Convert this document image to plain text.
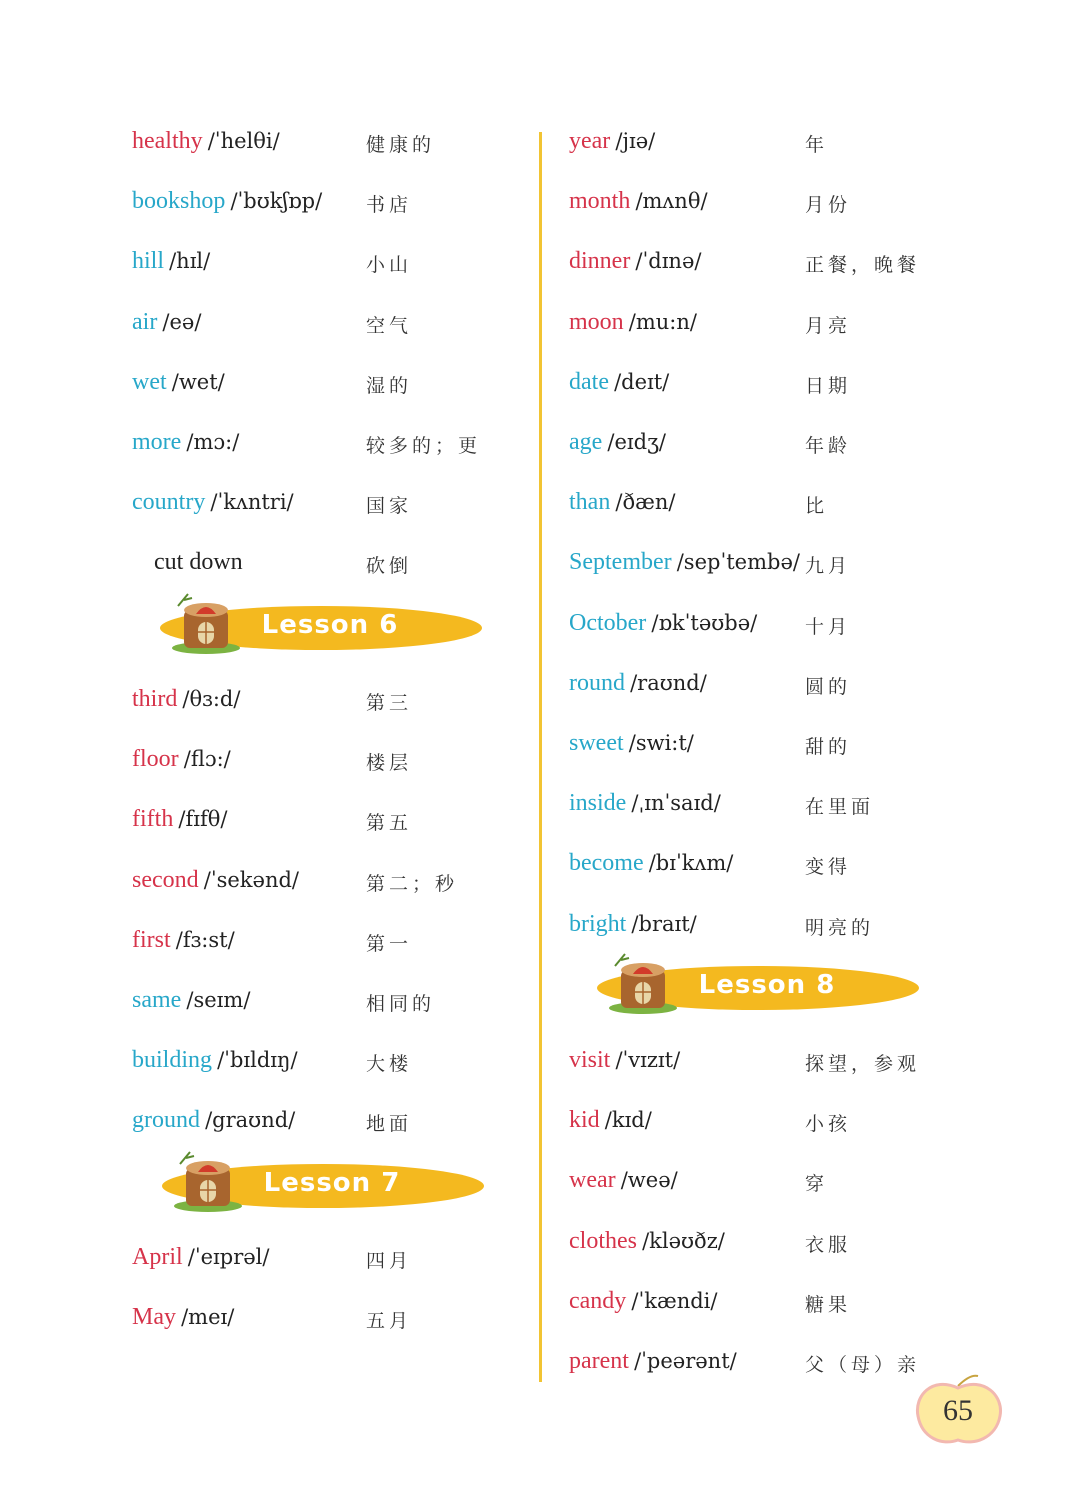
healthy /ˈhelθi/	健康的
bookshop /ˈbʊkʃɒp/ 书店
hill /hɪl/	小山
air /eə/	空气
wet /wet/	湿的
more /mɔ:/	较多的；更
country /ˈkʌntri/	国家
cut down	砍倒
Lesson 6
third /θɜ:d/	第三
floor /flɔ:/	楼层
fifth /fɪfθ/	第五
second /ˈsekənd/	第二；秒
first /fɜ:st/	第一
same /seɪm/	相同的
building /ˈbɪldɪŋ/	大楼
ground /graʊnd/	地面
Lesson 7
April /ˈeɪprəl/	四月
May /meɪ/	五月
year /jɪə/	年
month /mʌnθ/	月份
dinner /ˈdɪnə/	正餐，晚餐
moon /mu:n/	月亮
date /deɪt/	日期
age /eɪdʒ/	年龄
than /ðæn/	比
September /sepˈtembə/ 九月
October /ɒkˈtəʊbə/	十月
round /raʊnd/	圆的
sweet /swi:t/	甜的
inside /ˌɪnˈsaɪd/	在里面
become /bɪˈkʌm/	变得
bright /braɪt/	明亮的
Lesson 8
visit /ˈvɪzɪt/	探望，参观
kid /kɪd/	小孩
wear /weə/	穿
clothes /kləʊðz/	衣服
candy /ˈkændi/	糖果
parent /ˈpeərənt/	父（母）亲
65
